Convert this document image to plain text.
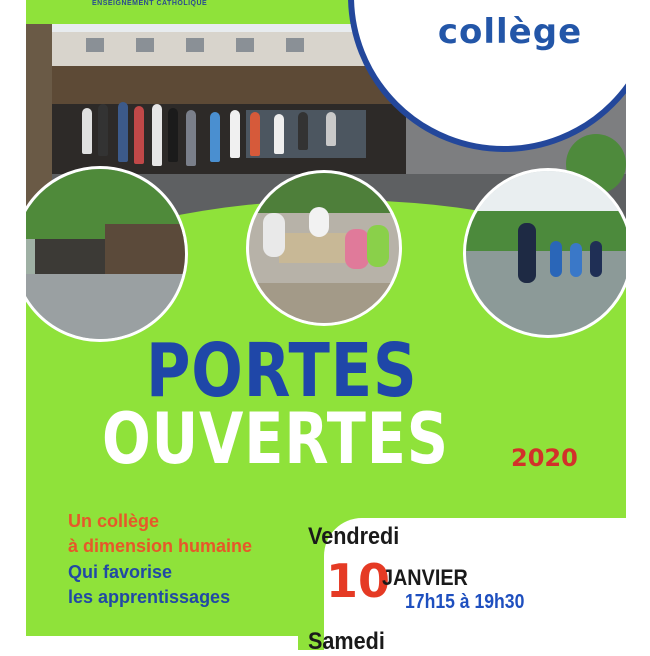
PORTES
OUVERTES	2020
Un collège
à dimension humaine
Qui favorise
les apprentissages
ENSEIGNEMENT CATHOLIQUE
collège
Vendredi
10
JANVIER
17h15 à 19h30
Samedi
